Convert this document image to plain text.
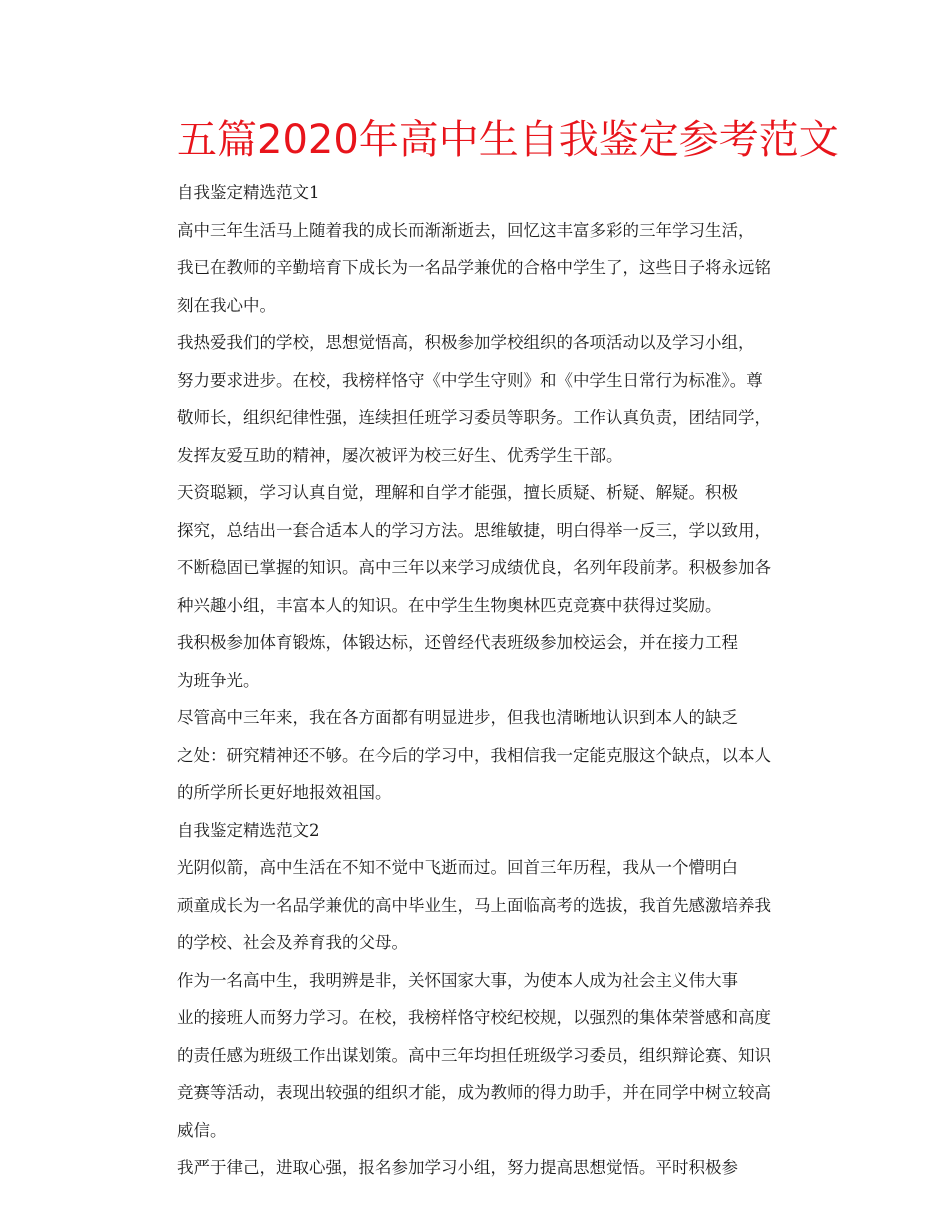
五篇2020年高中生自我鉴定参考范文

自我鉴定精选范文1

高中三年生活马上随着我的成长而渐渐逝去，回忆这丰富多彩的三年学习生活，
我已在教师的辛勤培育下成长为一名品学兼优的合格中学生了，这些日子将永远铭
刻在我心中。

我热爱我们的学校，思想觉悟高，积极参加学校组织的各项活动以及学习小组，
努力要求进步。在校，我榜样恪守《中学生守则》和《中学生日常行为标准》。尊
敬师长，组织纪律性强，连续担任班学习委员等职务。工作认真负责，团结同学，
发挥友爱互助的精神，屡次被评为校三好生、优秀学生干部。

天资聪颖，学习认真自觉，理解和自学才能强，擅长质疑、析疑、解疑。积极
探究，总结出一套合适本人的学习方法。思维敏捷，明白得举一反三，学以致用，
不断稳固已掌握的知识。高中三年以来学习成绩优良，名列年段前茅。积极参加各
种兴趣小组，丰富本人的知识。在中学生生物奥林匹克竞赛中获得过奖励。

我积极参加体育锻炼，体锻达标，还曾经代表班级参加校运会，并在接力工程
为班争光。

尽管高中三年来，我在各方面都有明显进步，但我也清晰地认识到本人的缺乏
之处：研究精神还不够。在今后的学习中，我相信我一定能克服这个缺点，以本人
的所学所长更好地报效祖国。

自我鉴定精选范文2

光阴似箭，高中生活在不知不觉中飞逝而过。回首三年历程，我从一个懵明白
顽童成长为一名品学兼优的高中毕业生，马上面临高考的选拔，我首先感激培养我
的学校、社会及养育我的父母。

作为一名高中生，我明辨是非，关怀国家大事，为使本人成为社会主义伟大事
业的接班人而努力学习。在校，我榜样恪守校纪校规，以强烈的集体荣誉感和高度
的责任感为班级工作出谋划策。高中三年均担任班级学习委员，组织辩论赛、知识
竞赛等活动，表现出较强的组织才能，成为教师的得力助手，并在同学中树立较高
威信。

我严于律己，进取心强，报名参加学习小组，努力提高思想觉悟。平时积极参
